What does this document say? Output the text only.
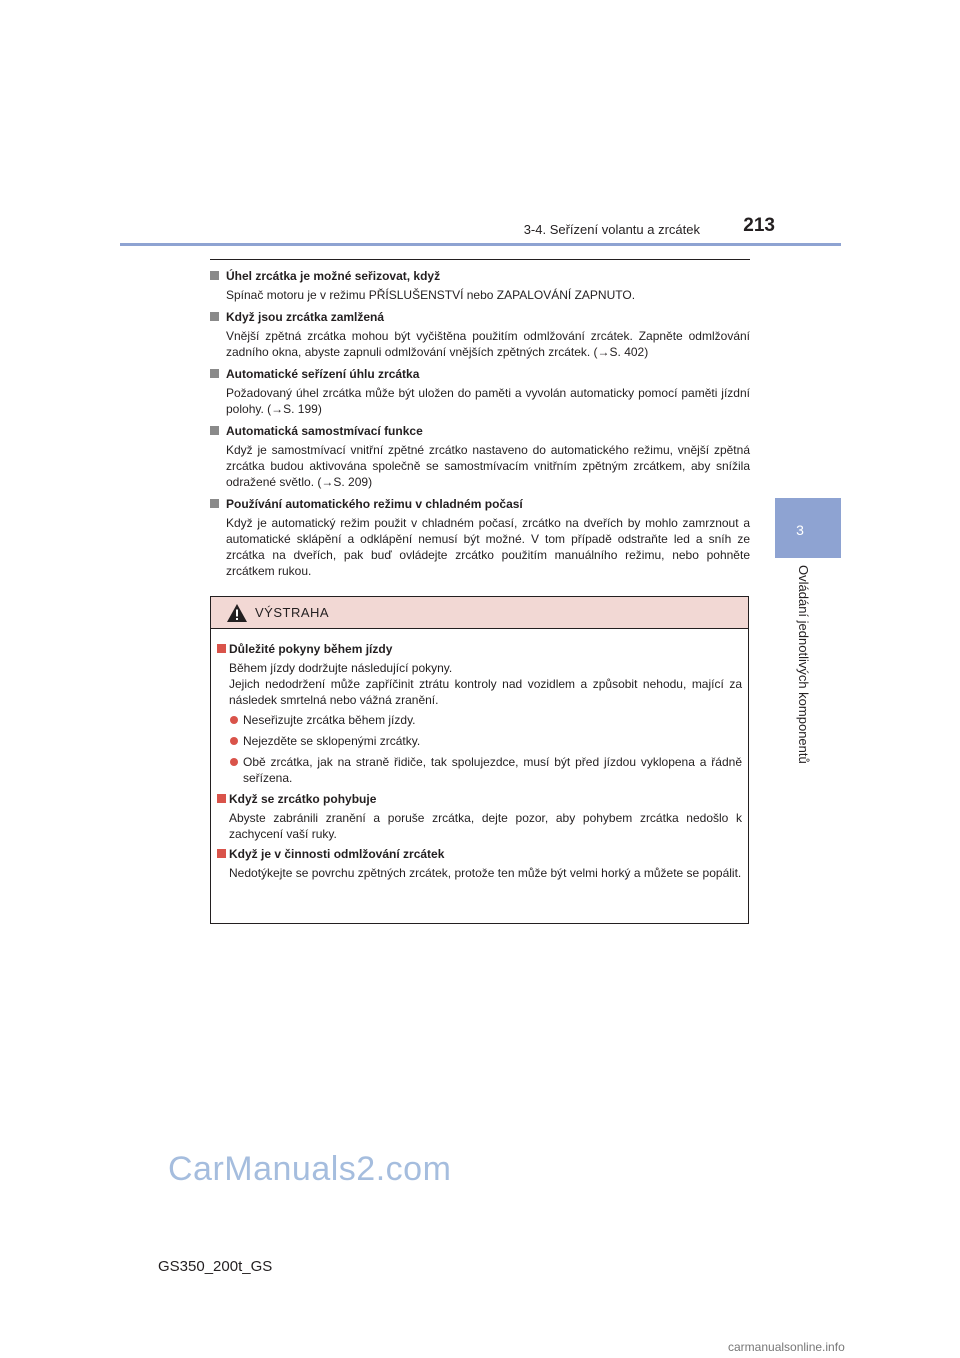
3-4. Seřízení volantu a zrcátek	213
3
Ovládání jednotlivých komponentů
Úhel zrcátka je možné seřizovat, když
Spínač motoru je v režimu PŘÍSLUŠENSTVÍ nebo ZAPALOVÁNÍ ZAPNUTO.
Když jsou zrcátka zamlžená
Vnější zpětná zrcátka mohou být vyčištěna použitím odmlžování zrcátek. Zapněte odmlžování zadního okna, abyste zapnuli odmlžování vnějších zpětných zrcátek. (→S. 402)
Automatické seřízení úhlu zrcátka
Požadovaný úhel zrcátka může být uložen do paměti a vyvolán automaticky pomocí paměti jízdní polohy. (→S. 199)
Automatická samostmívací funkce
Když je samostmívací vnitřní zpětné zrcátko nastaveno do automatického režimu, vnější zpětná zrcátka budou aktivována společně se samostmívacím vnitřním zpětným zrcátkem, aby snížila odražené světlo. (→S. 209)
Používání automatického režimu v chladném počasí
Když je automatický režim použit v chladném počasí, zrcátko na dveřích by mohlo zamrznout a automatické sklápění a odklápění nemusí být možné. V tom případě odstraňte led a sníh ze zrcátka na dveřích, pak buď ovládejte zrcátko použitím manuálního režimu, nebo pohněte zrcátkem rukou.
VÝSTRAHA
Důležité pokyny během jízdy
Během jízdy dodržujte následující pokyny.
Jejich nedodržení může zapříčinit ztrátu kontroly nad vozidlem a způsobit nehodu, mající za následek smrtelná nebo vážná zranění.
Neseřizujte zrcátka během jízdy.
Nejezděte se sklopenými zrcátky.
Obě zrcátka, jak na straně řidiče, tak spolujezdce, musí být před jízdou vyklopena a řádně seřízena.
Když se zrcátko pohybuje
Abyste zabránili zranění a poruše zrcátka, dejte pozor, aby pohybem zrcátka nedošlo k zachycení vaší ruky.
Když je v činnosti odmlžování zrcátek
Nedotýkejte se povrchu zpětných zrcátek, protože ten může být velmi horký a můžete se popálit.
CarManuals2.com
GS350_200t_GS
carmanualsonline.info
